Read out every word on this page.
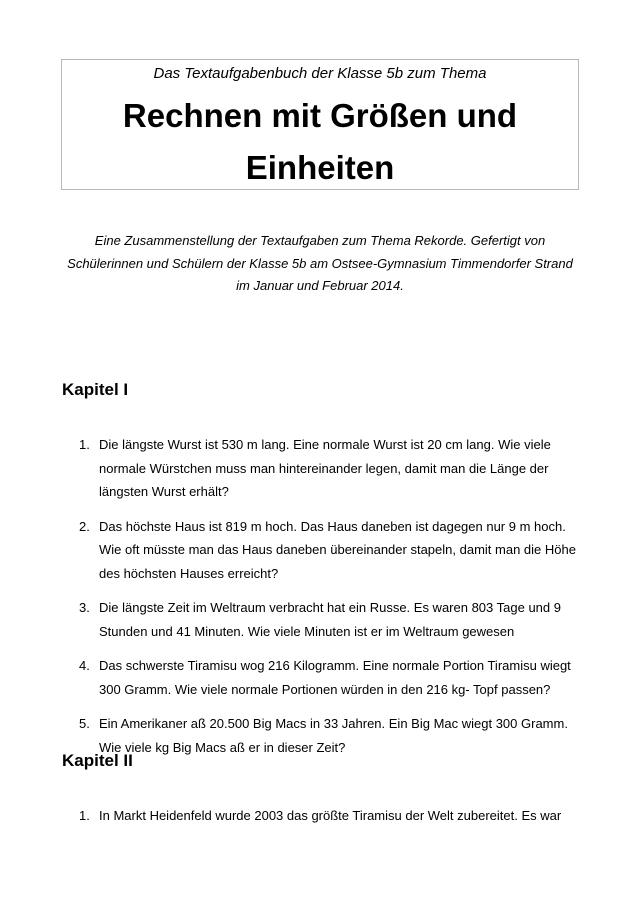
Das Textaufgabenbuch der Klasse 5b zum Thema
Rechnen mit Größen und
Einheiten
Eine Zusammenstellung der Textaufgaben zum Thema Rekorde. Gefertigt von Schülerinnen und Schülern der Klasse 5b am Ostsee-Gymnasium Timmendorfer Strand im Januar und Februar 2014.
Kapitel I
1. Die längste Wurst ist 530 m lang. Eine normale Wurst ist 20 cm lang. Wie viele normale Würstchen muss man hintereinander legen, damit man die Länge der längsten Wurst erhält?
2. Das höchste Haus ist 819 m hoch. Das Haus daneben ist dagegen nur 9 m hoch. Wie oft müsste man das Haus daneben übereinander stapeln, damit man die Höhe des höchsten Hauses erreicht?
3. Die längste Zeit im Weltraum verbracht hat ein Russe. Es waren 803 Tage und 9 Stunden und 41 Minuten. Wie viele Minuten ist er im Weltraum gewesen
4. Das schwerste Tiramisu wog 216 Kilogramm. Eine normale Portion Tiramisu wiegt 300 Gramm. Wie viele normale Portionen würden in den 216 kg- Topf passen?
5. Ein Amerikaner aß 20.500 Big Macs in 33 Jahren. Ein Big Mac wiegt 300 Gramm. Wie viele kg Big Macs aß er in dieser Zeit?
Kapitel II
1. In Markt Heidenfeld wurde 2003 das größte Tiramisu der Welt zubereitet. Es war
